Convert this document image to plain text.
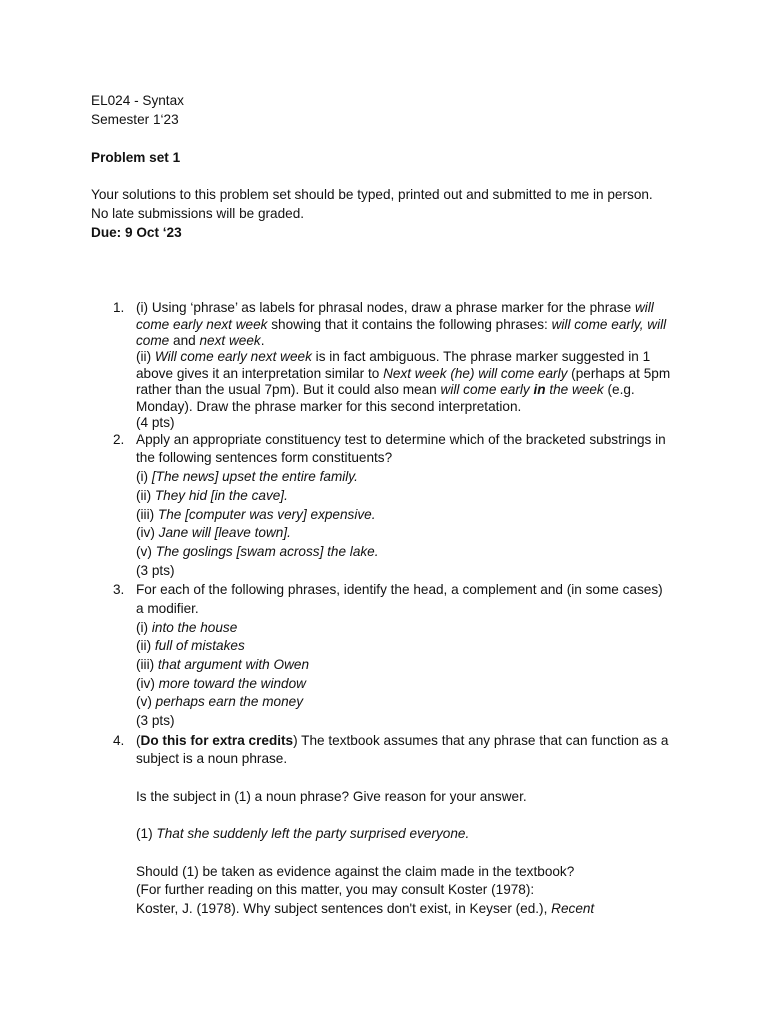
EL024 - Syntax
Semester 1‘23
Problem set 1
Your solutions to this problem set should be typed, printed out and submitted to me in person.
No late submissions will be graded.
Due: 9 Oct ‘23
1. (i) Using ‘phrase’ as labels for phrasal nodes, draw a phrase marker for the phrase will
come early next week showing that it contains the following phrases: will come early, will
come and next week.
(ii) Will come early next week is in fact ambiguous. The phrase marker suggested in 1
above gives it an interpretation similar to Next week (he) will come early (perhaps at 5pm
rather than the usual 7pm). But it could also mean will come early in the week (e.g.
Monday). Draw the phrase marker for this second interpretation.
(4 pts)
2. Apply an appropriate constituency test to determine which of the bracketed substrings in
the following sentences form constituents?
(i) [The news] upset the entire family.
(ii) They hid [in the cave].
(iii) The [computer was very] expensive.
(iv) Jane will [leave town].
(v) The goslings [swam across] the lake.
(3 pts)
3. For each of the following phrases, identify the head, a complement and (in some cases)
a modifier.
(i) into the house
(ii) full of mistakes
(iii) that argument with Owen
(iv) more toward the window
(v) perhaps earn the money
(3 pts)
4. (Do this for extra credits) The textbook assumes that any phrase that can function as a
subject is a noun phrase.
Is the subject in (1) a noun phrase? Give reason for your answer.
(1) That she suddenly left the party surprised everyone.
Should (1) be taken as evidence against the claim made in the textbook?
(For further reading on this matter, you may consult Koster (1978):
Koster, J. (1978). Why subject sentences don't exist, in Keyser (ed.), Recent
